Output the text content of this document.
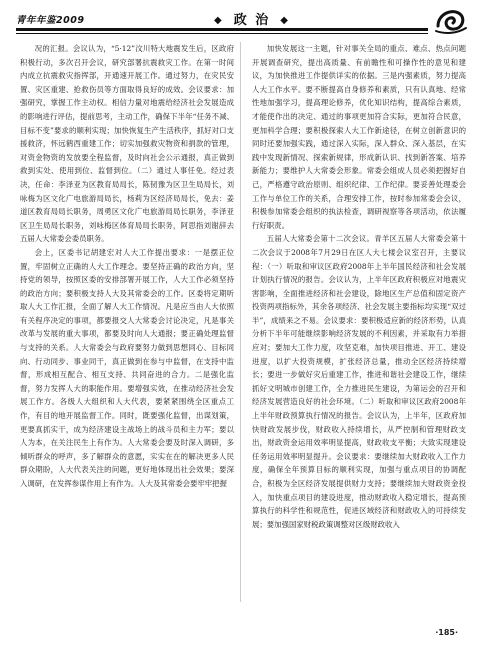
青年年鉴2009	◆ 政 治 ◆

况的汇报。会议认为，“5·12”汶川特大地震发生后，区政府积极行动，多次召开会议，研究部署抗震救灾工作。在第一时间内成立抗震救灾指挥部，开通速开展工作。通过努力，在灾民安置、灾区重建、抢救伤员等方面取得良好的成效。会议要求：加强研究，掌握工作主动权。相信力量对地震给经济社会发展造成的影响进行评估，提前思考，主动工作，确保下半年“任务不减、目标不变”要求的顺利实现；加快恢复生产生活秩序，抓好对口支援救济，怀远鹤西重建工作；切实加强救灾物资和捐款的管理，对资金物资的发放要全程监督，及时向社会公示通报，真正做到救到实处、使用到位、监督到位。（二）通过人事任免。经过表决，任命：李泽亚为区教育局局长，陈韧豫为区卫生局局长，刘咏梅为区文化广电旅游局局长，杨莉为区经济局局长，免去：姜道区教育局局长职务，周勇区文化广电旅游局局长职务，李泽亚区卫生局局长职务，刘咏梅区体育局局长职务，阿思指刘谢辞去五届人大常委会委员职务。

会上，区委书记胡建宏对人大工作提出要求：一是摆正位置，牢固树立正确的人大工作理念。要坚持正确的政治方向，坚持党的领导，按照区委的安排部署开展工作，人大工作必须坚持的政治方向；要积极支持人大及其常委会的工作。区委将定期听取人大工作汇报，全面了解人大工作情况。凡是应当由人大依照有关程序决定的事项，都要报交人大常委会讨论决定，凡是事关改革与发展的重大事项，都要及时向人大通报；要正确处理监督与支持的关系。人大常委会与政府要努力做到思想同心、目标同向、行动同步、事业同干，真正做到在参与中监督，在支持中监督，形成相互配合、相互支持、共同奋进的合力。二是强化监督，努力发挥人大的职能作用。要增强实效，在推动经济社会发展工作方。各级人大组织和人大代表，要紧紧围绕全区重点工作，有目的地开展监督工作。同时，既要强化监督，出谋划策，更要真抓实干，成为经济建设主战场上的战斗员和主力军；要以人为本，在关注民生上有作为。人大常委会要及时深入调研，多倾听群众的呼声，多了解群众的意愿，实实在在的解决更多人民群众期盼，人大代表关注的问题，更好地体现出社会效果；要深入调研，在发挥参谋作用上有作为。人大及其常委会要牢牢把握

加快发展这一主题，针对事关全局的重点、难点、热点问题开展调查研究，提出高质量、有前瞻性和可操作性的意见和建议，为加快推进工作提供详实的依据。三是内强素质，努力提高人大工作水平。要不断提高自身修养和素质，只有认真地、经常性地加强学习，提高理论修养，优化知识结构，提高综合素质，才能使作出的决定、通过的事项更加符合实际，更加符合民意，更加科学合理；要积极探索人大工作新途径，在树立创新意识的同时还要加强实践，通过深入实际，深入群众、深入基层，在实践中发现新情况、探索新规律，形成新认识、找到新答案、培养新能力；要维护人大常委会形象。常委会组成人员必须把握好自己，严格遵守政治原则、组织纪律、工作纪律。要妥善处理委会工作与单位工作的关系，合理安排工作，按时参加常委会会议，积极参加常委会组织的执法检查，调研视察等各项活动，依法履行好职责。

五届人大常委会第十二次会议。青羊区五届人大常委会第十二次会议于2008年7月29日在区人大七楼会议室召开，主要议程：（一）听取和审议区政府2008年上半年国民经济和社会发展计划执行情况的报告。会议认为，上半年区政府积极应对地震灾害影响，全面推进经济和社会建设，除地区生产总值和固定资产投资两项指标外，其余各项经济、社会发展主要指标均实现“双过半”，成绩来之不易。会议要求：要积极适应新的经济形势，认真分析下半年可能继续影响经济发展的不利因素，并采取有力举措应对；要加大工作力度，攻坚克难，加快项目推进、开工、建设进度，以扩大投资规模，扩张经济总量，推动全区经济持续增长；要进一步做好灾后重建工作，推进和谐社会建设工作，继续抓好文明城市创建工作，全力推进民生建设，为第运会的召开和经济发展营造良好的社会环境。（二）听取和审议区政府2008年上半年财政预算执行情况的报告。会议认为，上半年，区政府加快财政发展步伐，财政收入持续增长，从严控制和管理财政支出，财政资金运用效率明显提高，财政收支平衡；大致实现建设任务运用效率明显提升。会议要求：要继续加大财政收入工作力度，确保全年预算目标的顺利实现，加强与重点项目的协调配合，积极为全区经济发展提供财力支持；要继续加大财政资金投入，加快重点项目的建设进度，推动财政收入稳定增长，提高预算执行的科学性和规范性，促进区域经济和财政收入的可持续发展；要加强国家财税政策调整对区级财政收入

·185·
